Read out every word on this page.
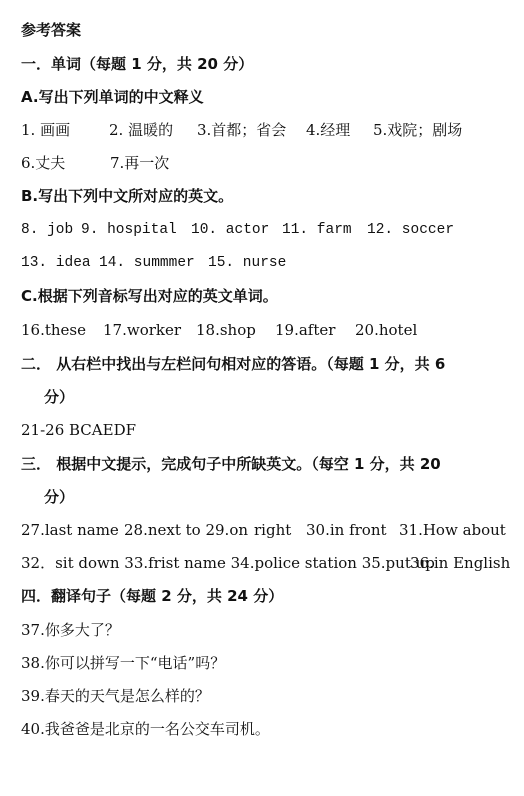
参考答案
一．单词（每题 1 分，共 20 分）
A.写出下列单词的中文释义
1. 画画	2. 温暖的 3.首都；省会 4.经理 5.戏院；剧场
6.丈夫	7.再一次
B.写出下列中文所对应的英文。
8. job 9. hospital 10. actor 11. farm 12. soccer
13. idea 14. summmer 15. nurse
C.根据下列音标写出对应的英文单词。
16.these 17.worker 18.shop 19.after 20.hotel
二． 从右栏中找出与左栏问句相对应的答语。（每题 1 分，共 6
分）
21-26 BCAEDF
三． 根据中文提示，完成句子中所缺英文。（每空 1 分，共 20
分）
27.last name 28.next to 29.on right 30.in front 31.How about
32．sit down 33.frist name 34.police station 35.put up36.in English
四．翻译句子（每题 2 分，共 24 分）
37.你多大了？
38.你可以拼写一下“电话”吗？
39.春天的天气是怎么样的？
40.我爸爸是北京的一名公交车司机。
